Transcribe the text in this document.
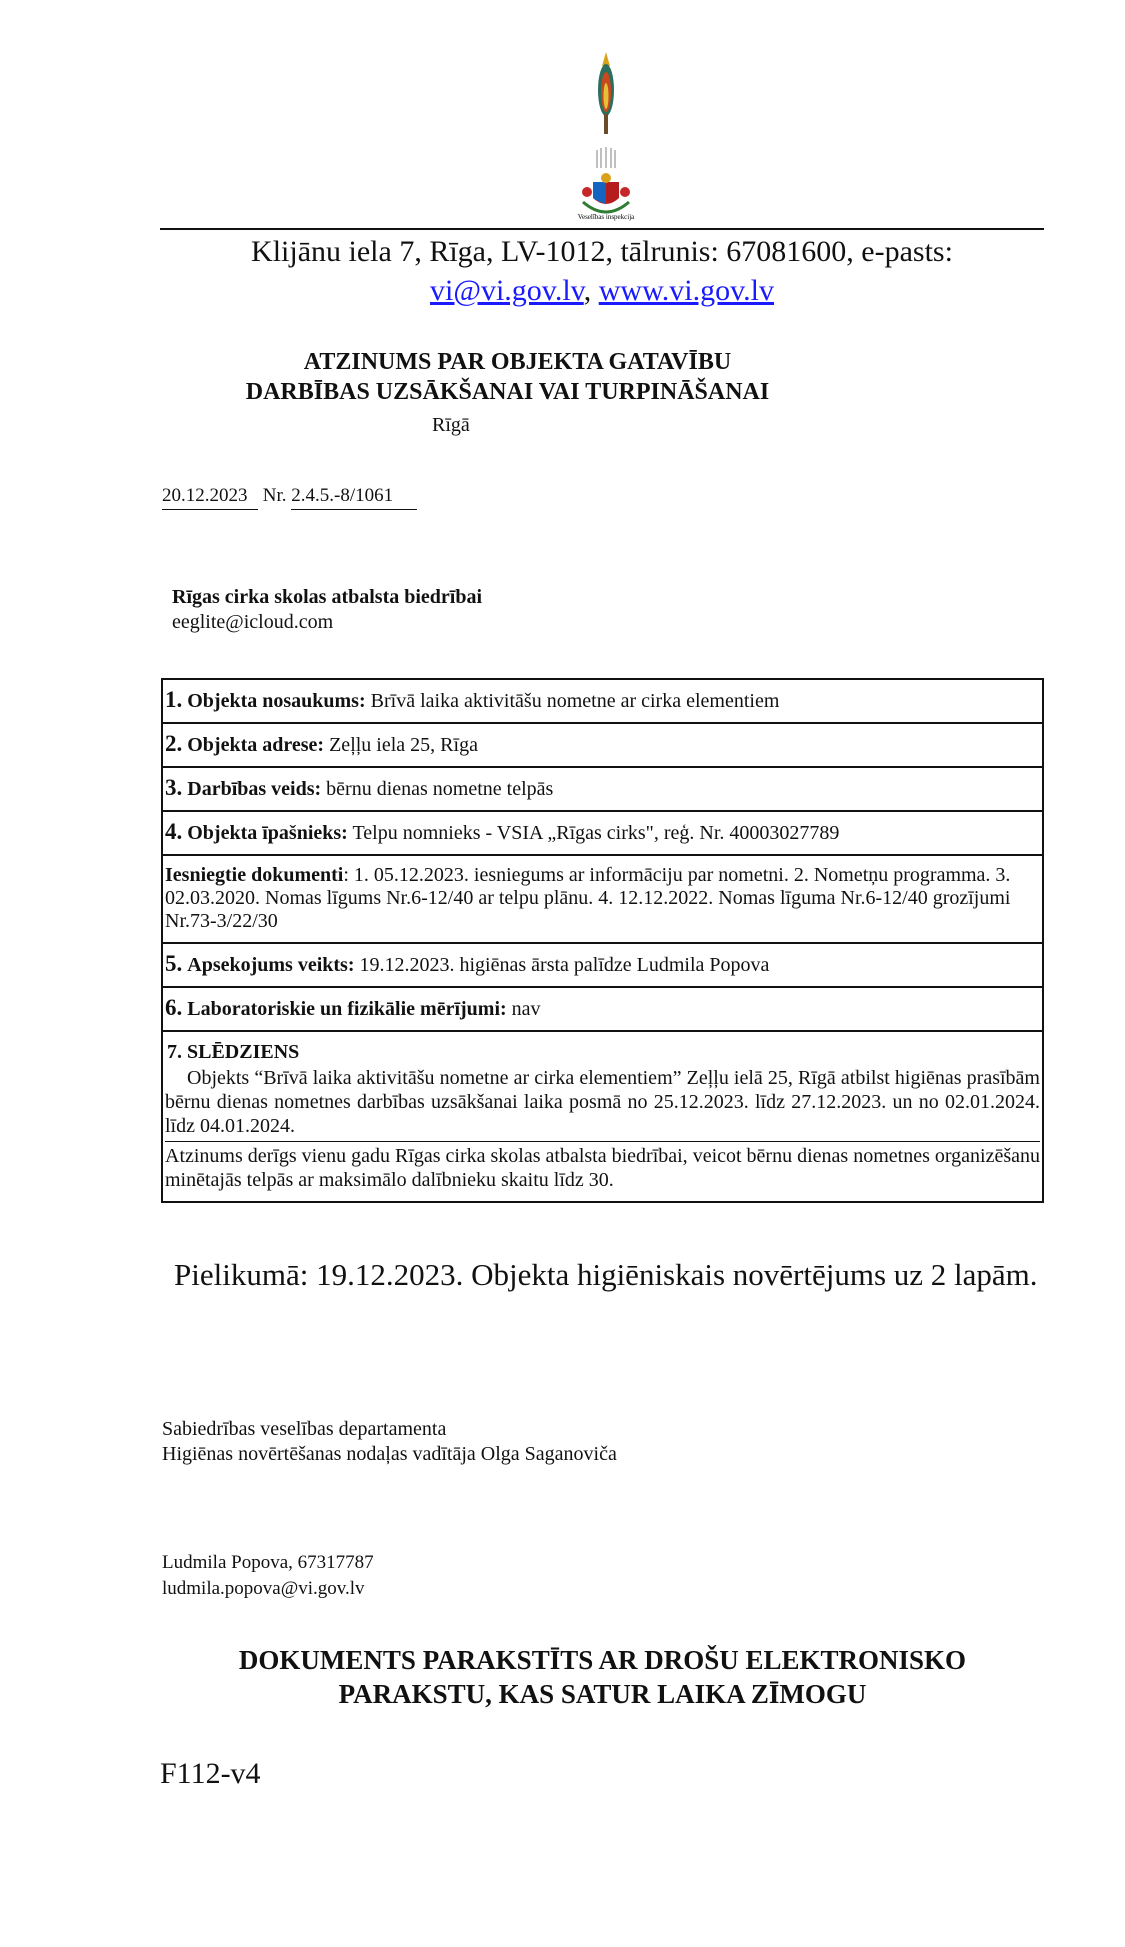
Veselības inspekcija
Klijānu iela 7, Rīga, LV-1012, tālrunis: 67081600, e-pasts:
vi@vi.gov.lv, www.vi.gov.lv
ATZINUMS PAR OBJEKTA GATAVĪBU
DARBĪBAS UZSĀKŠANAI VAI TURPINĀŠANAI
Rīgā
20.12.2023 Nr. 2.4.5.-8/1061
Rīgas cirka skolas atbalsta biedrībai
eeglite@icloud.com
1. Objekta nosaukums: Brīvā laika aktivitāšu nometne ar cirka elementiem
2. Objekta adrese: Zeļļu iela 25, Rīga
3. Darbības veids: bērnu dienas nometne telpās
4. Objekta īpašnieks: Telpu nomnieks - VSIA „Rīgas cirks", reģ. Nr. 40003027789
Iesniegtie dokumenti: 1. 05.12.2023. iesniegums ar informāciju par nometni. 2. Nometņu programma. 3. 02.03.2020. Nomas līgums Nr.6-12/40 ar telpu plānu. 4. 12.12.2022. Nomas līguma Nr.6-12/40 grozījumi Nr.73-3/22/30
5. Apsekojums veikts: 19.12.2023. higiēnas ārsta palīdze Ludmila Popova
6. Laboratoriskie un fizikālie mērījumi: nav

7. SLĒDZIENS

Objekts “Brīvā laika aktivitāšu nometne ar cirka elementiem” Zeļļu ielā 25, Rīgā atbilst higiēnas prasībām bērnu dienas nometnes darbības uzsākšanai laika posmā no 25.12.2023. līdz 27.12.2023. un no 02.01.2024. līdz 04.01.2024.

Atzinums derīgs vienu gadu Rīgas cirka skolas atbalsta biedrībai, veicot bērnu dienas nometnes organizēšanu minētajās telpās ar maksimālo dalībnieku skaitu līdz 30.

Pielikumā: 19.12.2023. Objekta higiēniskais novērtējums uz 2 lapām.
Sabiedrības veselības departamenta
Higiēnas novērtēšanas nodaļas vadītāja Olga Saganoviča
Ludmila Popova, 67317787
ludmila.popova@vi.gov.lv
DOKUMENTS PARAKSTĪTS AR DROŠU ELEKTRONISKO
PARAKSTU, KAS SATUR LAIKA ZĪMOGU
F112-v4
